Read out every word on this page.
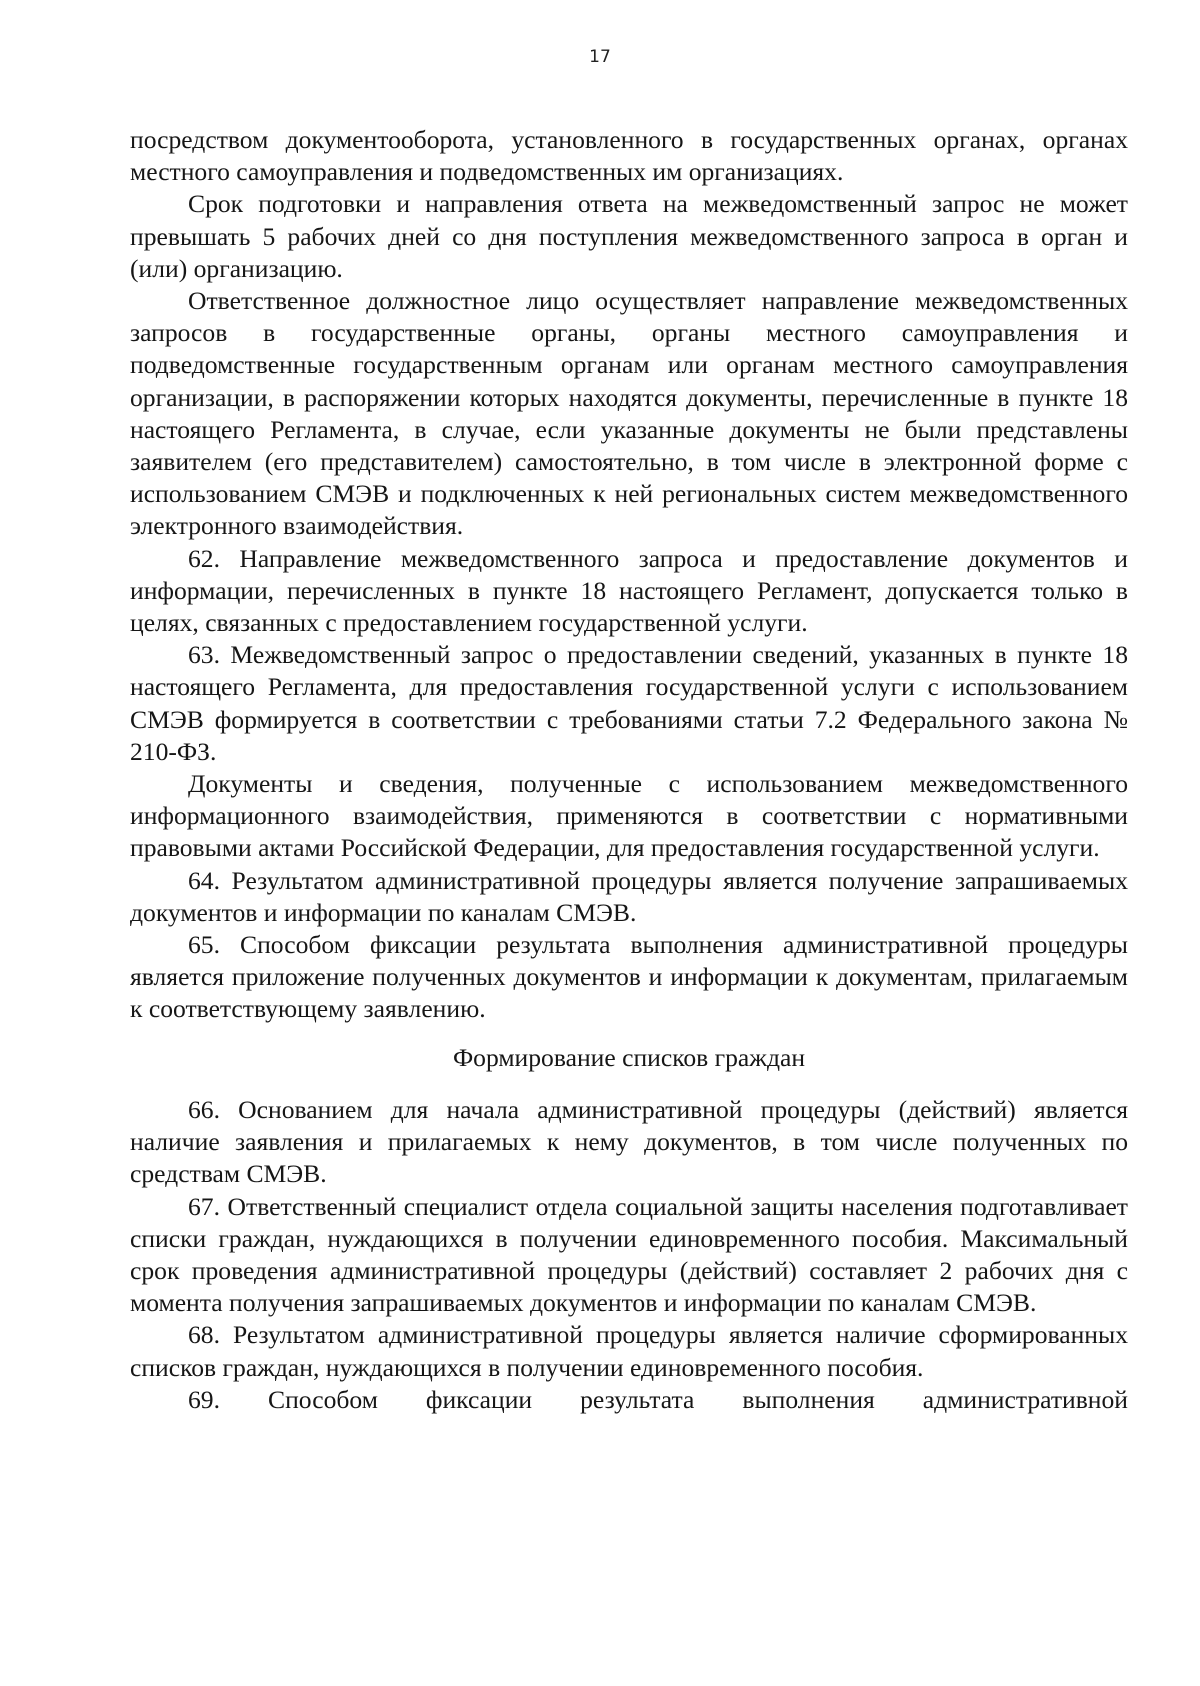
17

посредством документооборота, установленного в государственных органах, органах местного самоуправления и подведомственных им организациях.

Срок подготовки и направления ответа на межведомственный запрос не может превышать 5 рабочих дней со дня поступления межведомственного запроса в орган и (или) организацию.

Ответственное должностное лицо осуществляет направление межведомственных запросов в государственные органы, органы местного самоуправления и подведомственные государственным органам или органам местного самоуправления организации, в распоряжении которых находятся документы, перечисленные в пункте 18 настоящего Регламента, в случае, если указанные документы не были представлены заявителем (его представителем) самостоятельно, в том числе в электронной форме с использованием СМЭВ и подключенных к ней региональных систем межведомственного электронного взаимодействия.

62. Направление межведомственного запроса и предоставление документов и информации, перечисленных в пункте 18 настоящего Регламент, допускается только в целях, связанных с предоставлением государственной услуги.

63. Межведомственный запрос о предоставлении сведений, указанных в пункте 18 настоящего Регламента, для предоставления государственной услуги с использованием СМЭВ формируется в соответствии с требованиями статьи 7.2 Федерального закона № 210-ФЗ.

Документы и сведения, полученные с использованием межведомственного информационного взаимодействия, применяются в соответствии с нормативными правовыми актами Российской Федерации, для предоставления государственной услуги.

64. Результатом административной процедуры является получение запрашиваемых документов и информации по каналам СМЭВ.

65. Способом фиксации результата выполнения административной процедуры является приложение полученных документов и информации к документам, прилагаемым к соответствующему заявлению.

Формирование списков граждан

66. Основанием для начала административной процедуры (действий) является наличие заявления и прилагаемых к нему документов, в том числе полученных по средствам СМЭВ.

67. Ответственный специалист отдела социальной защиты населения подготавливает списки граждан, нуждающихся в получении единовременного пособия. Максимальный срок проведения административной процедуры (действий) составляет 2 рабочих дня с момента получения запрашиваемых документов и информации по каналам СМЭВ.

68. Результатом административной процедуры является наличие сформированных списков граждан, нуждающихся в получении единовременного пособия.

69. Способом фиксации результата выполнения административной
